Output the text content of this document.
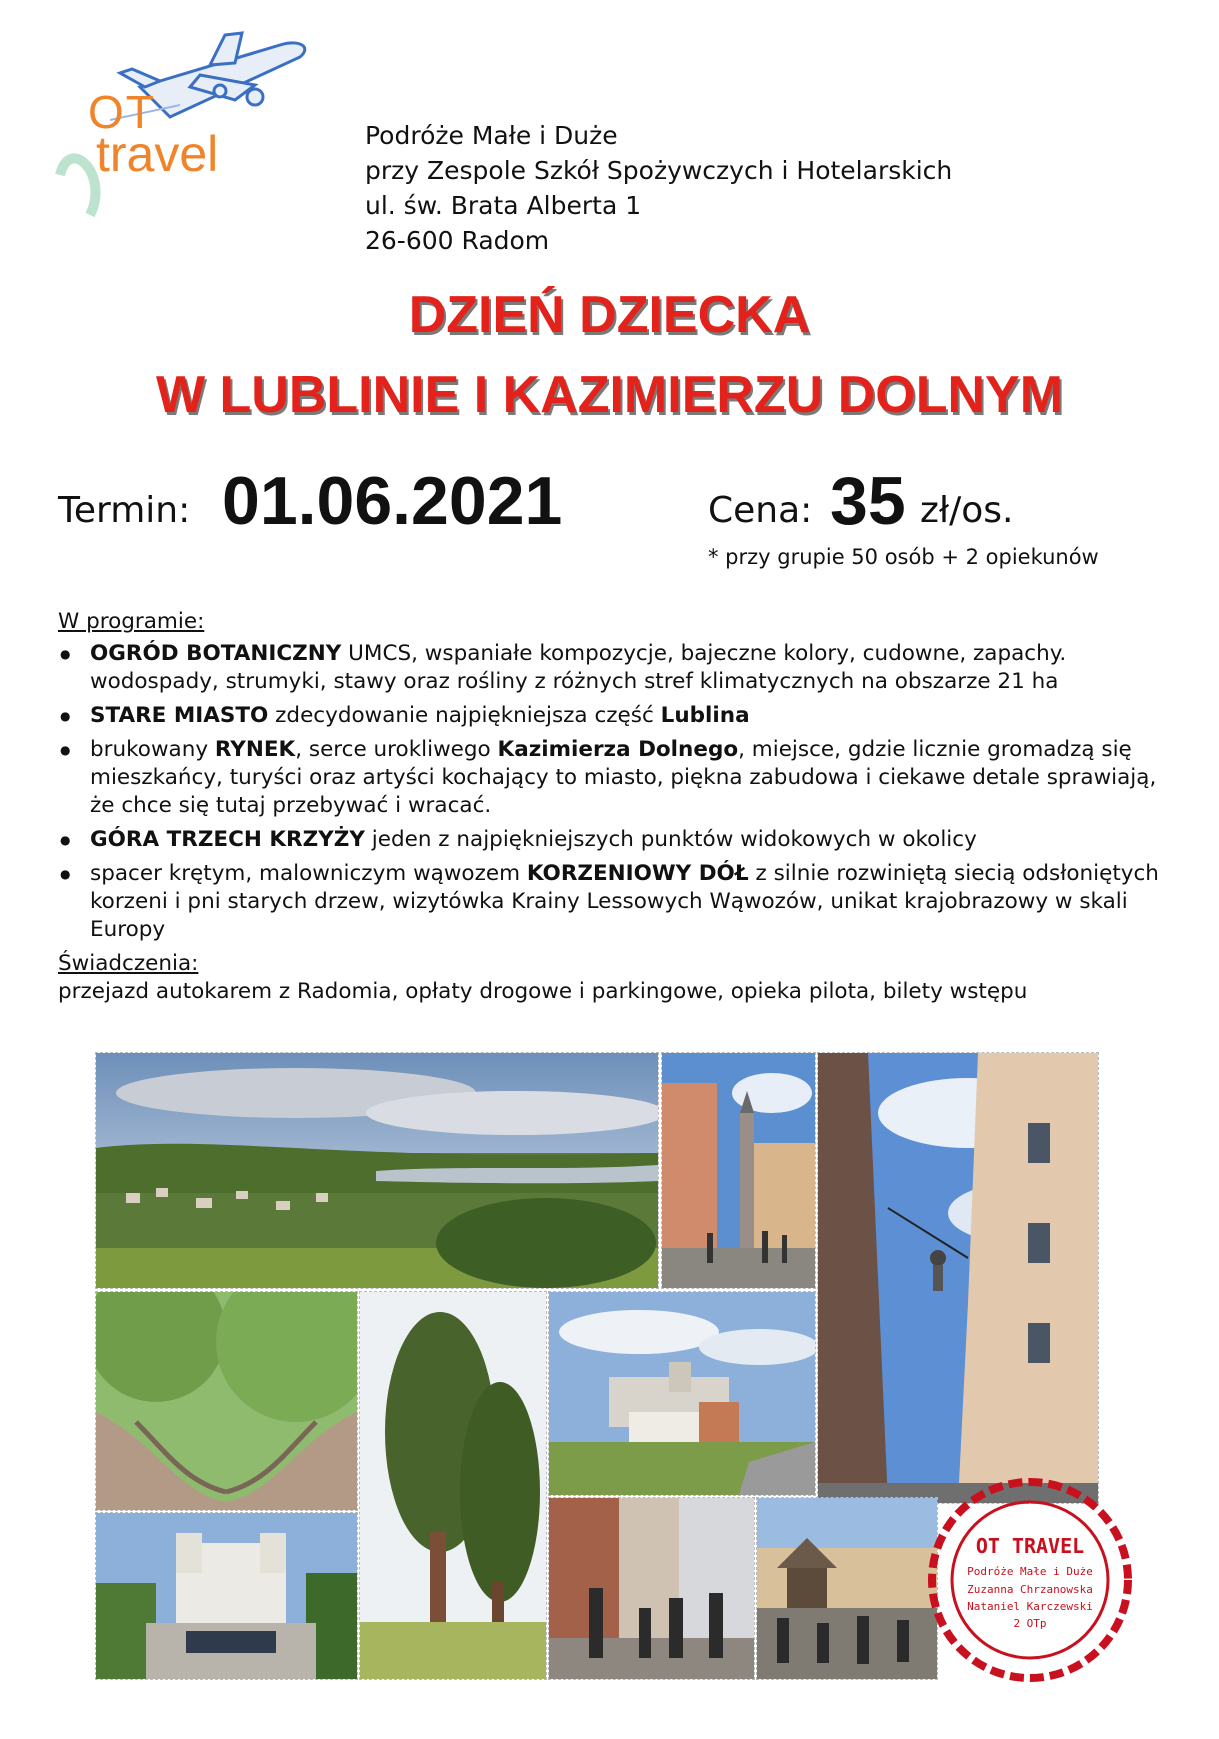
OT
travel	Podróże Małe i Duże
przy Zespole Szkół Spożywczych i Hotelarskich
ul. św. Brata Alberta 1
26-600 Radom
DZIEŃ DZIECKA
W LUBLINIE I KAZIMIERZU DOLNYM
Termin: 01.06.2021	Cena: 35 zł/os.
* przy grupie 50 osób + 2 opiekunów
W programie:
● OGRÓD BOTANICZNY UMCS, wspaniałe kompozycje, bajeczne kolory, cudowne, zapachy. wodospady, strumyki, stawy oraz rośliny z różnych stref klimatycznych na obszarze 21 ha
● STARE MIASTO zdecydowanie najpiękniejsza część Lublina
● brukowany RYNEK, serce urokliwego Kazimierza Dolnego, miejsce, gdzie licznie gromadzą się mieszkańcy, turyści oraz artyści kochający to miasto, piękna zabudowa i ciekawe detale sprawiają, że chce się tutaj przebywać i wracać.
● GÓRA TRZECH KRZYŻY jeden z najpiękniejszych punktów widokowych w okolicy
● spacer krętym, malowniczym wąwozem KORZENIOWY DÓŁ z silnie rozwiniętą siecią odsłoniętych korzeni i pni starych drzew, wizytówka Krainy Lessowych Wąwozów, unikat krajobrazowy w skali Europy
Świadczenia:
przejazd autokarem z Radomia, opłaty drogowe i parkingowe, opieka pilota, bilety wstępu
OT TRAVEL
Podróże Małe i Duże
Zuzanna Chrzanowska
Nataniel Karczewski
2 OTp
